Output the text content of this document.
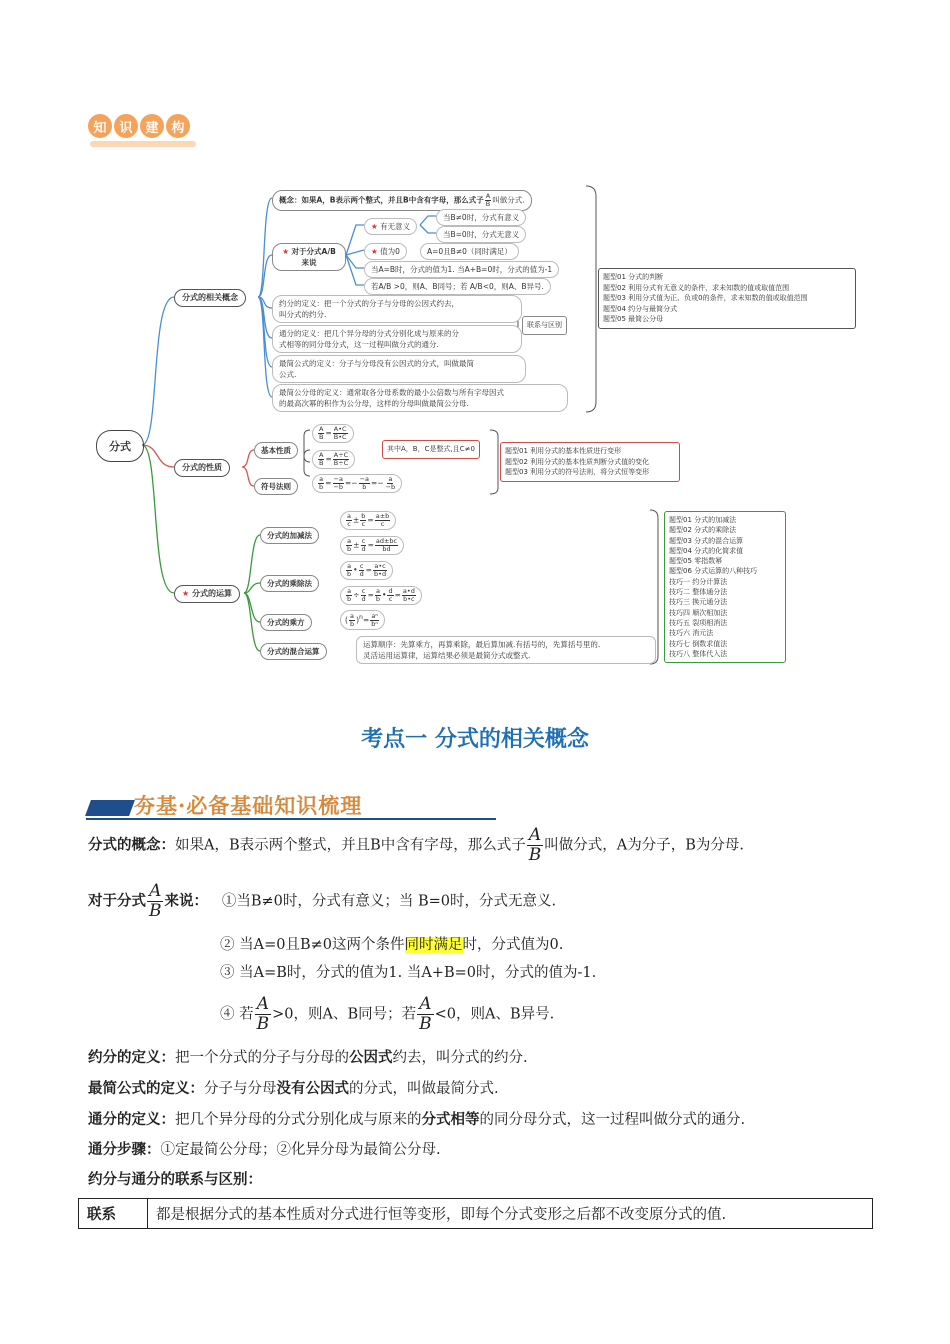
知 识 建 构
分式
分式的相关概念
概念：如果A，B表示两个整式，并且B中含有字母，那么式子 $\frac{A}{B}$ 叫做分式.
★ 对于分式A/B来说
★ 有无意义
当B≠0时，分式有意义
当B=0时，分式无意义
★ 值为0	A=0且B≠0（同时满足）
当A=B时，分式的值为1. 当A+B=0时，分式的值为-1
若A/B >0，则A、B同号；若 A/B<0，则A、B异号.
约分的定义：把一个分式的分子与分母的公因式约去，
叫分式的约分.
通分的定义：把几个异分母的分式分别化成与原来的分
式相等的同分母分式，这一过程叫做分式的通分.
联系与区别
最简公式的定义：分子与分母没有公因式的分式，叫做最简
公式.
最简公分母的定义：通常取各分母系数的最小公倍数与所有字母因式
的最高次幂的积作为公分母，这样的分母叫做最简公分母.
题型01 分式的判断
题型02 利用分式有无意义的条件，求未知数的值或取值范围
题型03 利用分式值为正、负或0的条件，求未知数的值或取值范围
题型04 约分与最简分式
题型05 最简公分母
分式的性质
基本性质
$\frac{A}{B} = \frac{A•C}{B•C}$
$\frac{A}{B} = \frac{A\div C}{B\div C}$
其中A，B，C是整式,且C≠0
符号法则	$\frac{a}{b} = \frac{-a}{-b} =- \frac{-a}{b} =- \frac{a}{-b}$
题型01 利用分式的基本性质进行变形
题型02 利用分式的基本性质判断分式值的变化
题型03 利用分式的符号法则，将分式恒等变形
★ 分式的运算
分式的加减法
$\frac{a}{c} \pm \frac{b}{c} = \frac{a\pm b}{c}$
$\frac{a}{b} \pm \frac{c}{d} = \frac{ad\pm bc}{bd}$
分式的乘除法
$\frac{a}{b}$ • $\frac{c}{d} = \frac{a•c}{b•d}$
$\frac{a}{b} \div \frac{c}{d} = \frac{a}{b}$ • $\frac{d}{c} = \frac{a•d}{b•c}$
分式的乘方	( $\frac{a}{b} )^n= \frac{\text{aⁿ}}{\text{bⁿ}}$
分式的混合运算
运算顺序：先算乘方，再算乘除，最后算加减.有括号的，先算括号里的.
灵活运用运算律，运算结果必须是最简分式或整式.
题型01 分式的加减法
题型02 分式的乘除法
题型03 分式的混合运算
题型04 分式的化简求值
题型05 零指数幂
题型06 分式运算的八种技巧
技巧一 约分计算法
技巧二 整体通分法
技巧三 换元通分法
技巧四 顺次相加法
技巧五 裂项相消法
技巧六 消元法
技巧七 倒数求值法
技巧八 整体代入法
考点一 分式的相关概念
夯基·必备基础知识梳理
分式的概念：如果A，B表示两个整式，并且B中含有字母，那么式子 $\frac{A}{B}$ 叫做分式，A为分子，B为分母.
对于分式 $\frac{A}{B}$ 来说： ①当B≠0时，分式有意义；当 B=0时，分式无意义.
② 当A=0且B≠0这两个条件同时满足时，分式值为0.
③ 当A=B时，分式的值为1. 当A+B=0时，分式的值为-1.
④ 若 $\frac{A}{B} >0$，则A、B同号；若 $\frac{A}{B} <0$，则A、B异号.
约分的定义：把一个分式的分子与分母的公因式约去，叫分式的约分.
最简公式的定义：分子与分母没有公因式的分式，叫做最简分式.
通分的定义：把几个异分母的分式分别化成与原来的分式相等的同分母分式，这一过程叫做分式的通分.
通分步骤：①定最简公分母；②化异分母为最简公分母.
约分与通分的联系与区别：
联系	都是根据分式的基本性质对分式进行恒等变形，即每个分式变形之后都不改变原分式的值.
